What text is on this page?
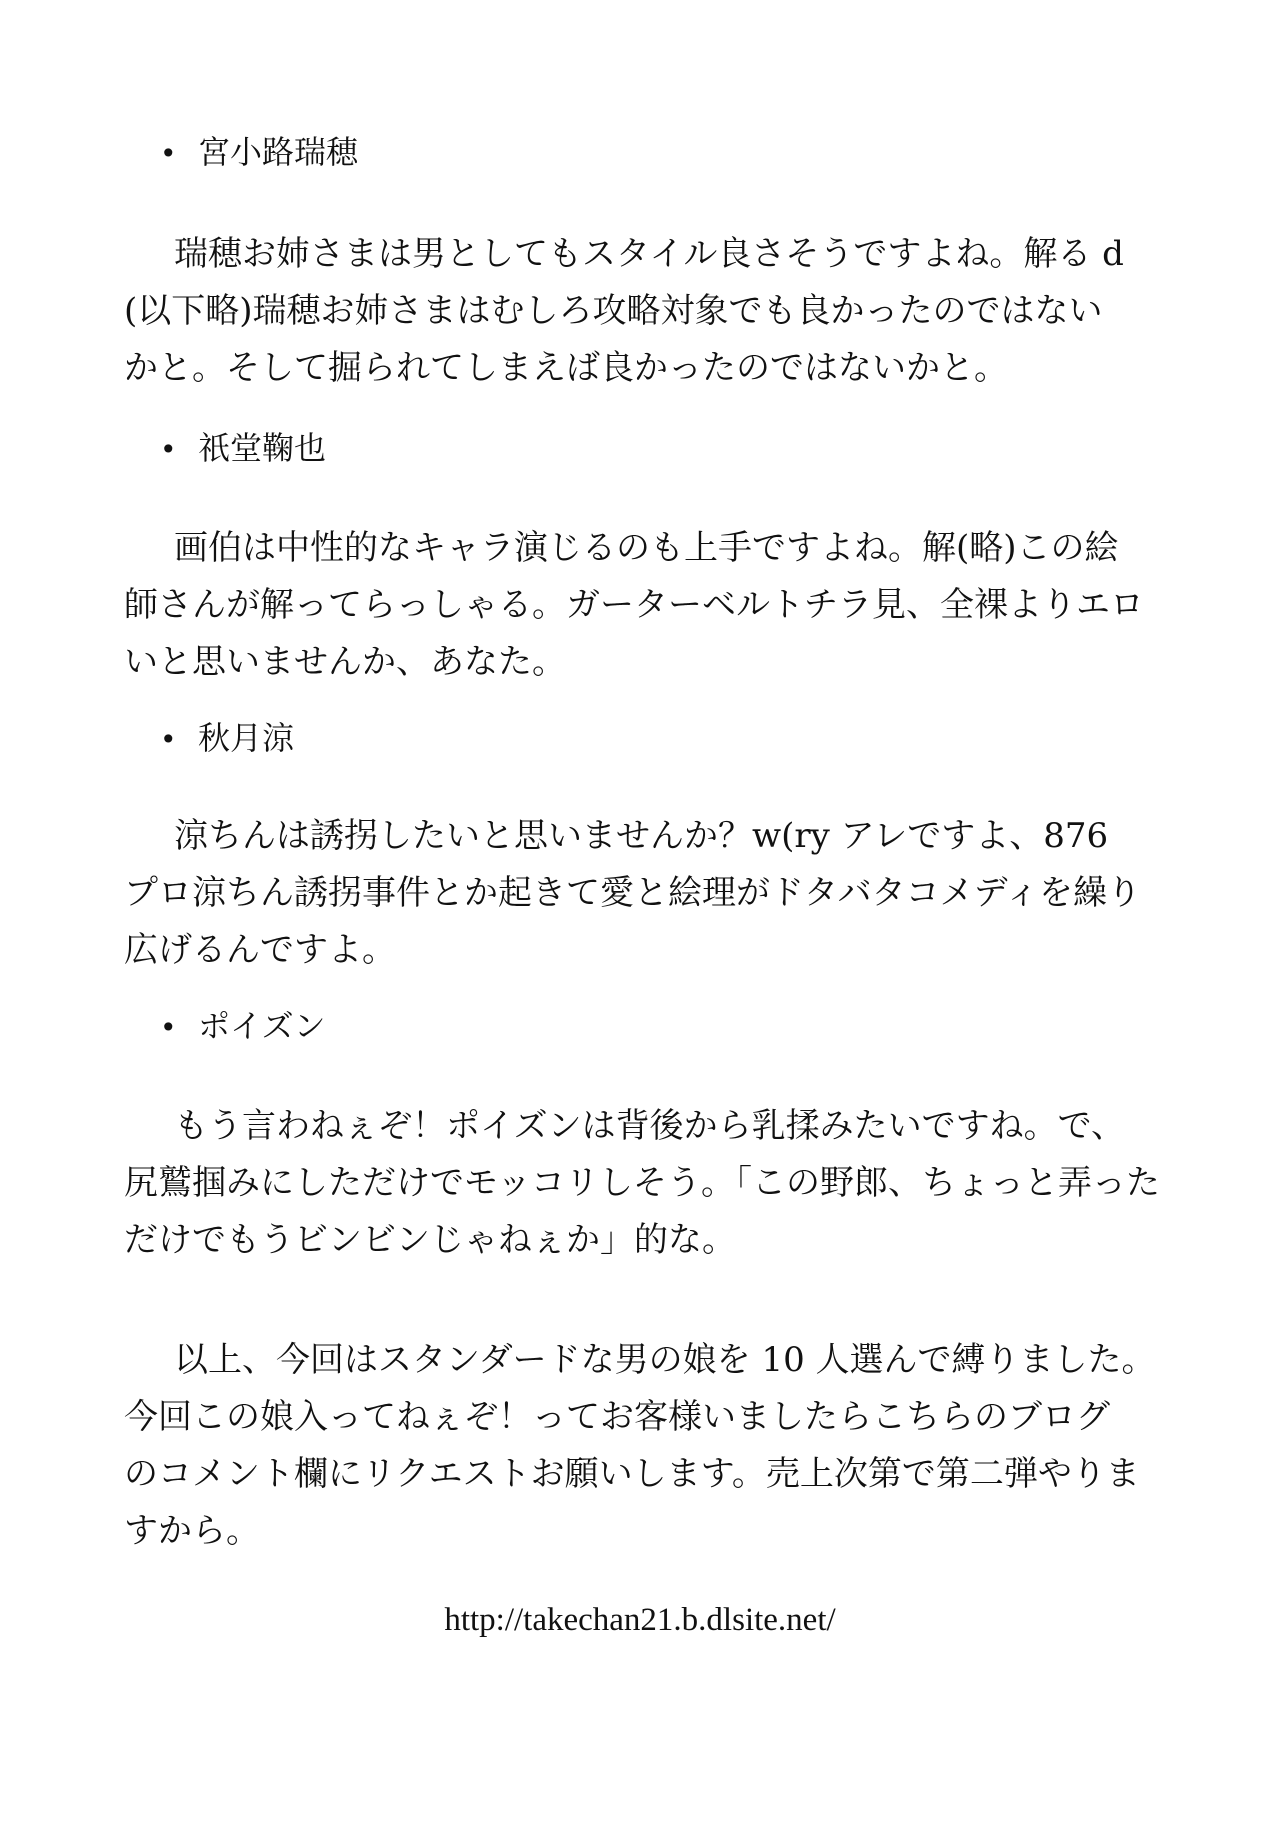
• 宮小路瑞穂
瑞穂お姉さまは男としてもスタイル良さそうですよね。解る d
(以下略)瑞穂お姉さまはむしろ攻略対象でも良かったのではない
かと。そして掘られてしまえば良かったのではないかと。
• 祇堂鞠也
画伯は中性的なキャラ演じるのも上手ですよね。解(略)この絵
師さんが解ってらっしゃる。ガーターベルトチラ見、全裸よりエロ
いと思いませんか、あなた。
• 秋月涼
涼ちんは誘拐したいと思いませんか？w(ry アレですよ、876
プロ涼ちん誘拐事件とか起きて愛と絵理がドタバタコメディを繰り
広げるんですよ。
• ポイズン
もう言わねぇぞ！ポイズンは背後から乳揉みたいですね。で、
尻鷲掴みにしただけでモッコリしそう。「この野郎、ちょっと弄った
だけでもうビンビンじゃねぇか」的な。
以上、今回はスタンダードな男の娘を 10 人選んで縛りました。
今回この娘入ってねぇぞ！ってお客様いましたらこちらのブログ
のコメント欄にリクエストお願いします。売上次第で第二弾やりま
すから。
http://takechan21.b.dlsite.net/
